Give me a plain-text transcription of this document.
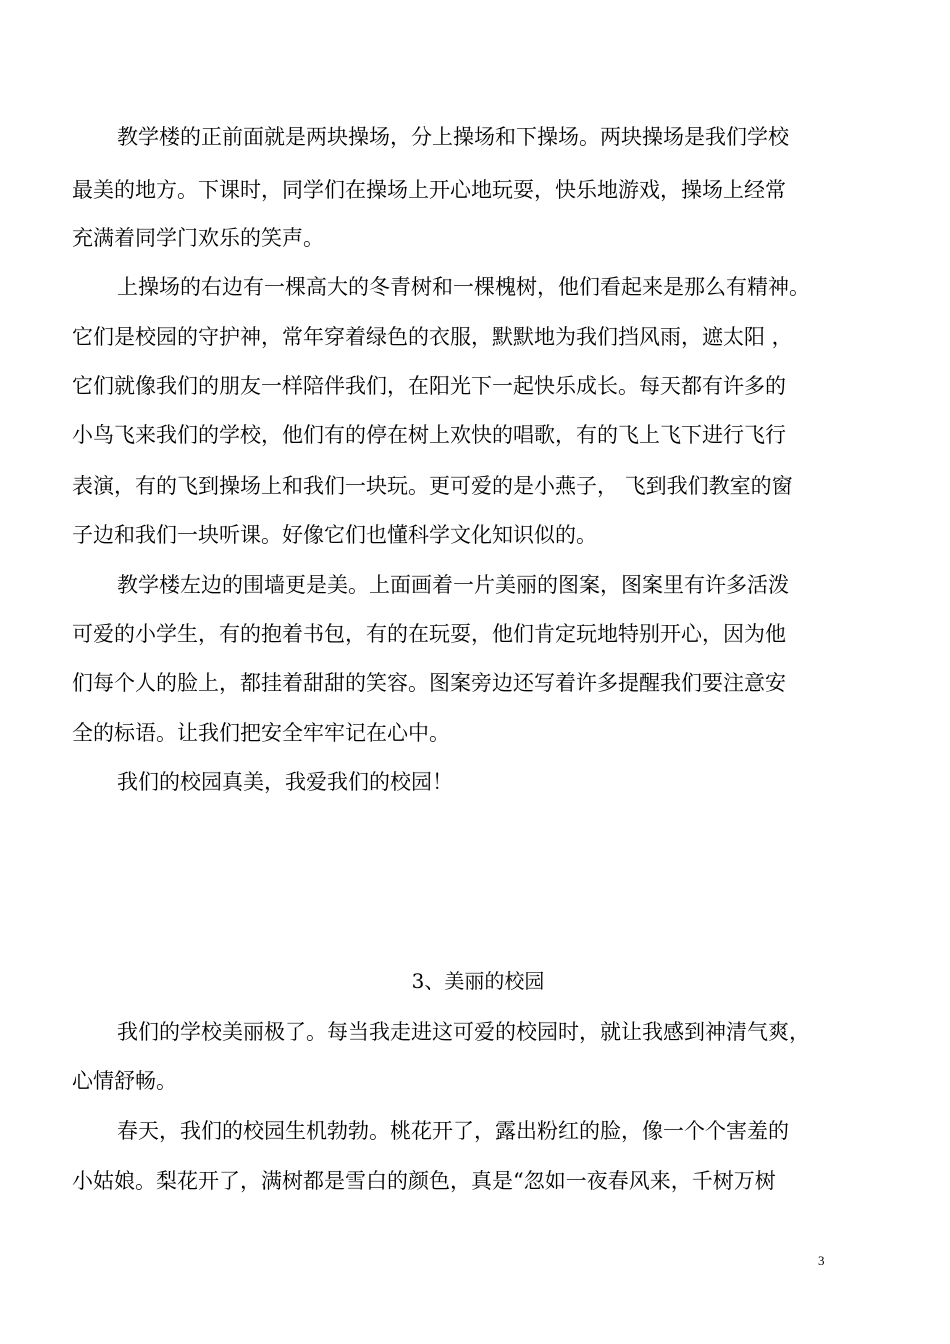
教学楼的正前面就是两块操场，分上操场和下操场。两块操场是我们学校
最美的地方。下课时，同学们在操场上开心地玩耍，快乐地游戏，操场上经常
充满着同学门欢乐的笑声。
上操场的右边有一棵高大的冬青树和一棵槐树，他们看起来是那么有精神。
它们是校园的守护神，常年穿着绿色的衣服，默默地为我们挡风雨，遮太阳 ，
它们就像我们的朋友一样陪伴我们，在阳光下一起快乐成长。每天都有许多的
小鸟飞来我们的学校，他们有的停在树上欢快的唱歌，有的飞上飞下进行飞行
表演，有的飞到操场上和我们一块玩。更可爱的是小燕子， 飞到我们教室的窗
子边和我们一块听课。好像它们也懂科学文化知识似的。
教学楼左边的围墙更是美。上面画着一片美丽的图案，图案里有许多活泼
可爱的小学生，有的抱着书包，有的在玩耍，他们肯定玩地特别开心，因为他
们每个人的脸上，都挂着甜甜的笑容。图案旁边还写着许多提醒我们要注意安
全的标语。让我们把安全牢牢记在心中。
我们的校园真美，我爱我们的校园！
3、美丽的校园
我们的学校美丽极了。每当我走进这可爱的校园时，就让我感到神清气爽，
心情舒畅。
春天，我们的校园生机勃勃。桃花开了，露出粉红的脸，像一个个害羞的
小姑娘。梨花开了，满树都是雪白的颜色，真是“忽如一夜春风来，千树万树
3
